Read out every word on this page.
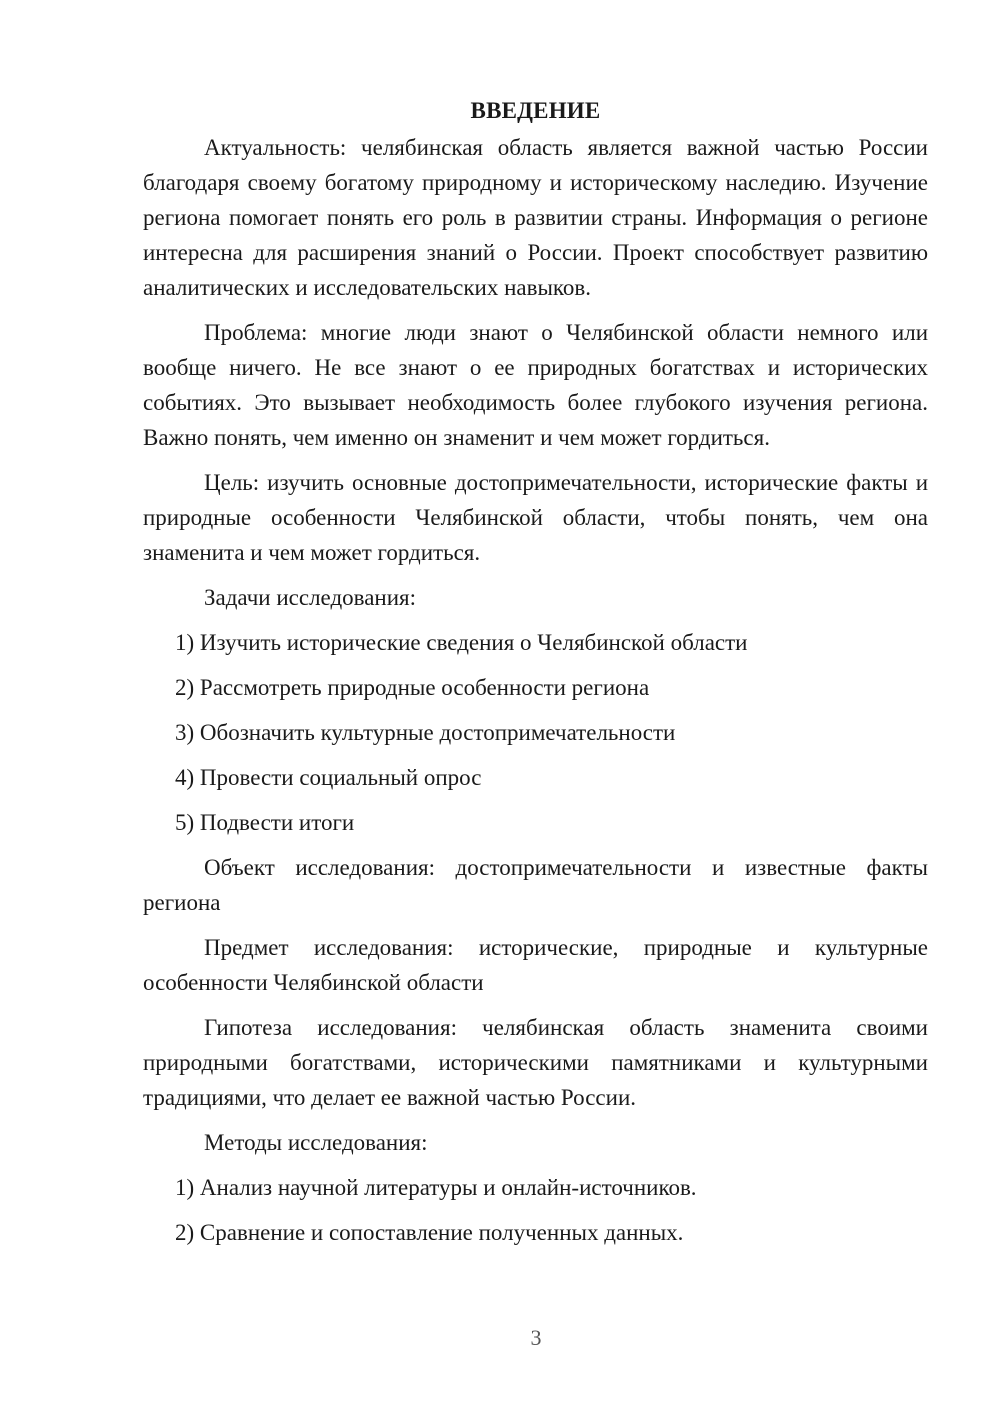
ВВЕДЕНИЕ

Актуальность: челябинская область является важной частью России благодаря своему богатому природному и историческому наследию. Изучение региона помогает понять его роль в развитии страны. Информация о регионе интересна для расширения знаний о России. Проект способствует развитию аналитических и исследовательских навыков.

Проблема: многие люди знают о Челябинской области немного или вообще ничего. Не все знают о ее природных богатствах и исторических событиях. Это вызывает необходимость более глубокого изучения региона. Важно понять, чем именно он знаменит и чем может гордиться.

Цель: изучить основные достопримечательности, исторические факты и природные особенности Челябинской области, чтобы понять, чем она знаменита и чем может гордиться.

Задачи исследования:

1) Изучить исторические сведения о Челябинской области
2) Рассмотреть природные особенности региона
3) Обозначить культурные достопримечательности
4) Провести социальный опрос
5) Подвести итоги

Объект исследования: достопримечательности и известные факты региона

Предмет исследования: исторические, природные и культурные особенности Челябинской области

Гипотеза исследования: челябинская область знаменита своими природными богатствами, историческими памятниками и культурными традициями, что делает ее важной частью России.

Методы исследования:

1) Анализ научной литературы и онлайн-источников.
2) Сравнение и сопоставление полученных данных.
3
